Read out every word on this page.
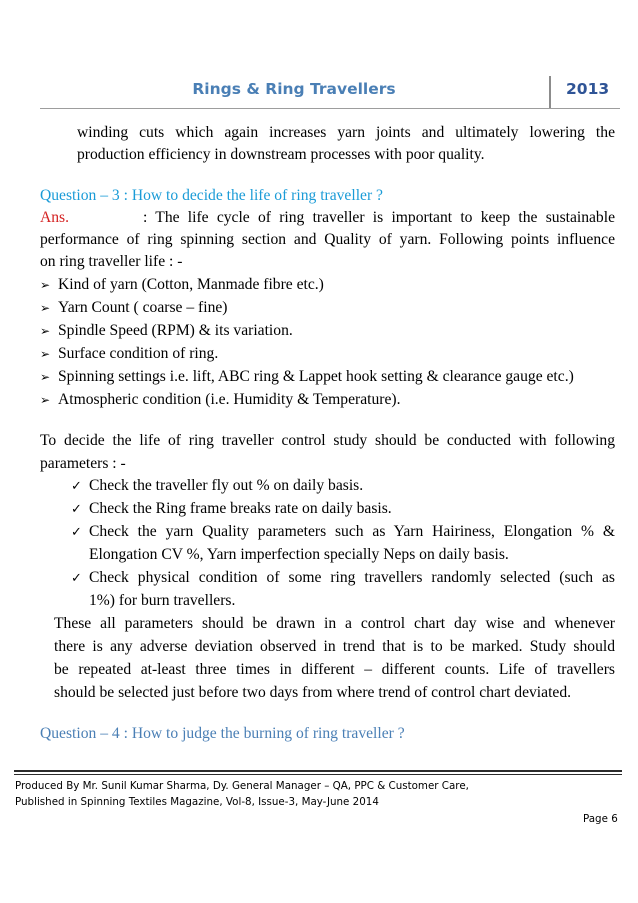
Rings & Ring Travellers	2013
winding cuts which again increases yarn joints and ultimately lowering the
production efficiency in downstream processes with poor quality.
Question – 3 : How to decide the life of ring traveller ?
Ans.	: The life cycle of ring traveller is important to keep the sustainable
performance of ring spinning section and Quality of yarn. Following points influence
on ring traveller life : -
➢ Kind of yarn (Cotton, Manmade fibre etc.)
➢ Yarn Count ( coarse – fine)
➢ Spindle Speed (RPM) & its variation.
➢ Surface condition of ring.
➢ Spinning settings i.e. lift, ABC ring & Lappet hook setting & clearance gauge etc.)
➢ Atmospheric condition (i.e. Humidity & Temperature).
To decide the life of ring traveller control study should be conducted with following
parameters : -
✓ Check the traveller fly out % on daily basis.
✓ Check the Ring frame breaks rate on daily basis.
✓ Check the yarn Quality parameters such as Yarn Hairiness, Elongation % &
Elongation CV %, Yarn imperfection specially Neps on daily basis.
✓ Check physical condition of some ring travellers randomly selected (such as
1%) for burn travellers.
These all parameters should be drawn in a control chart day wise and whenever
there is any adverse deviation observed in trend that is to be marked. Study should
be repeated at-least three times in different – different counts. Life of travellers
should be selected just before two days from where trend of control chart deviated.
Question – 4 : How to judge the burning of ring traveller ?
Produced By Mr. Sunil Kumar Sharma, Dy. General Manager – QA, PPC & Customer Care,
Published in Spinning Textiles Magazine, Vol-8, Issue-3, May-June 2014
Page 6
